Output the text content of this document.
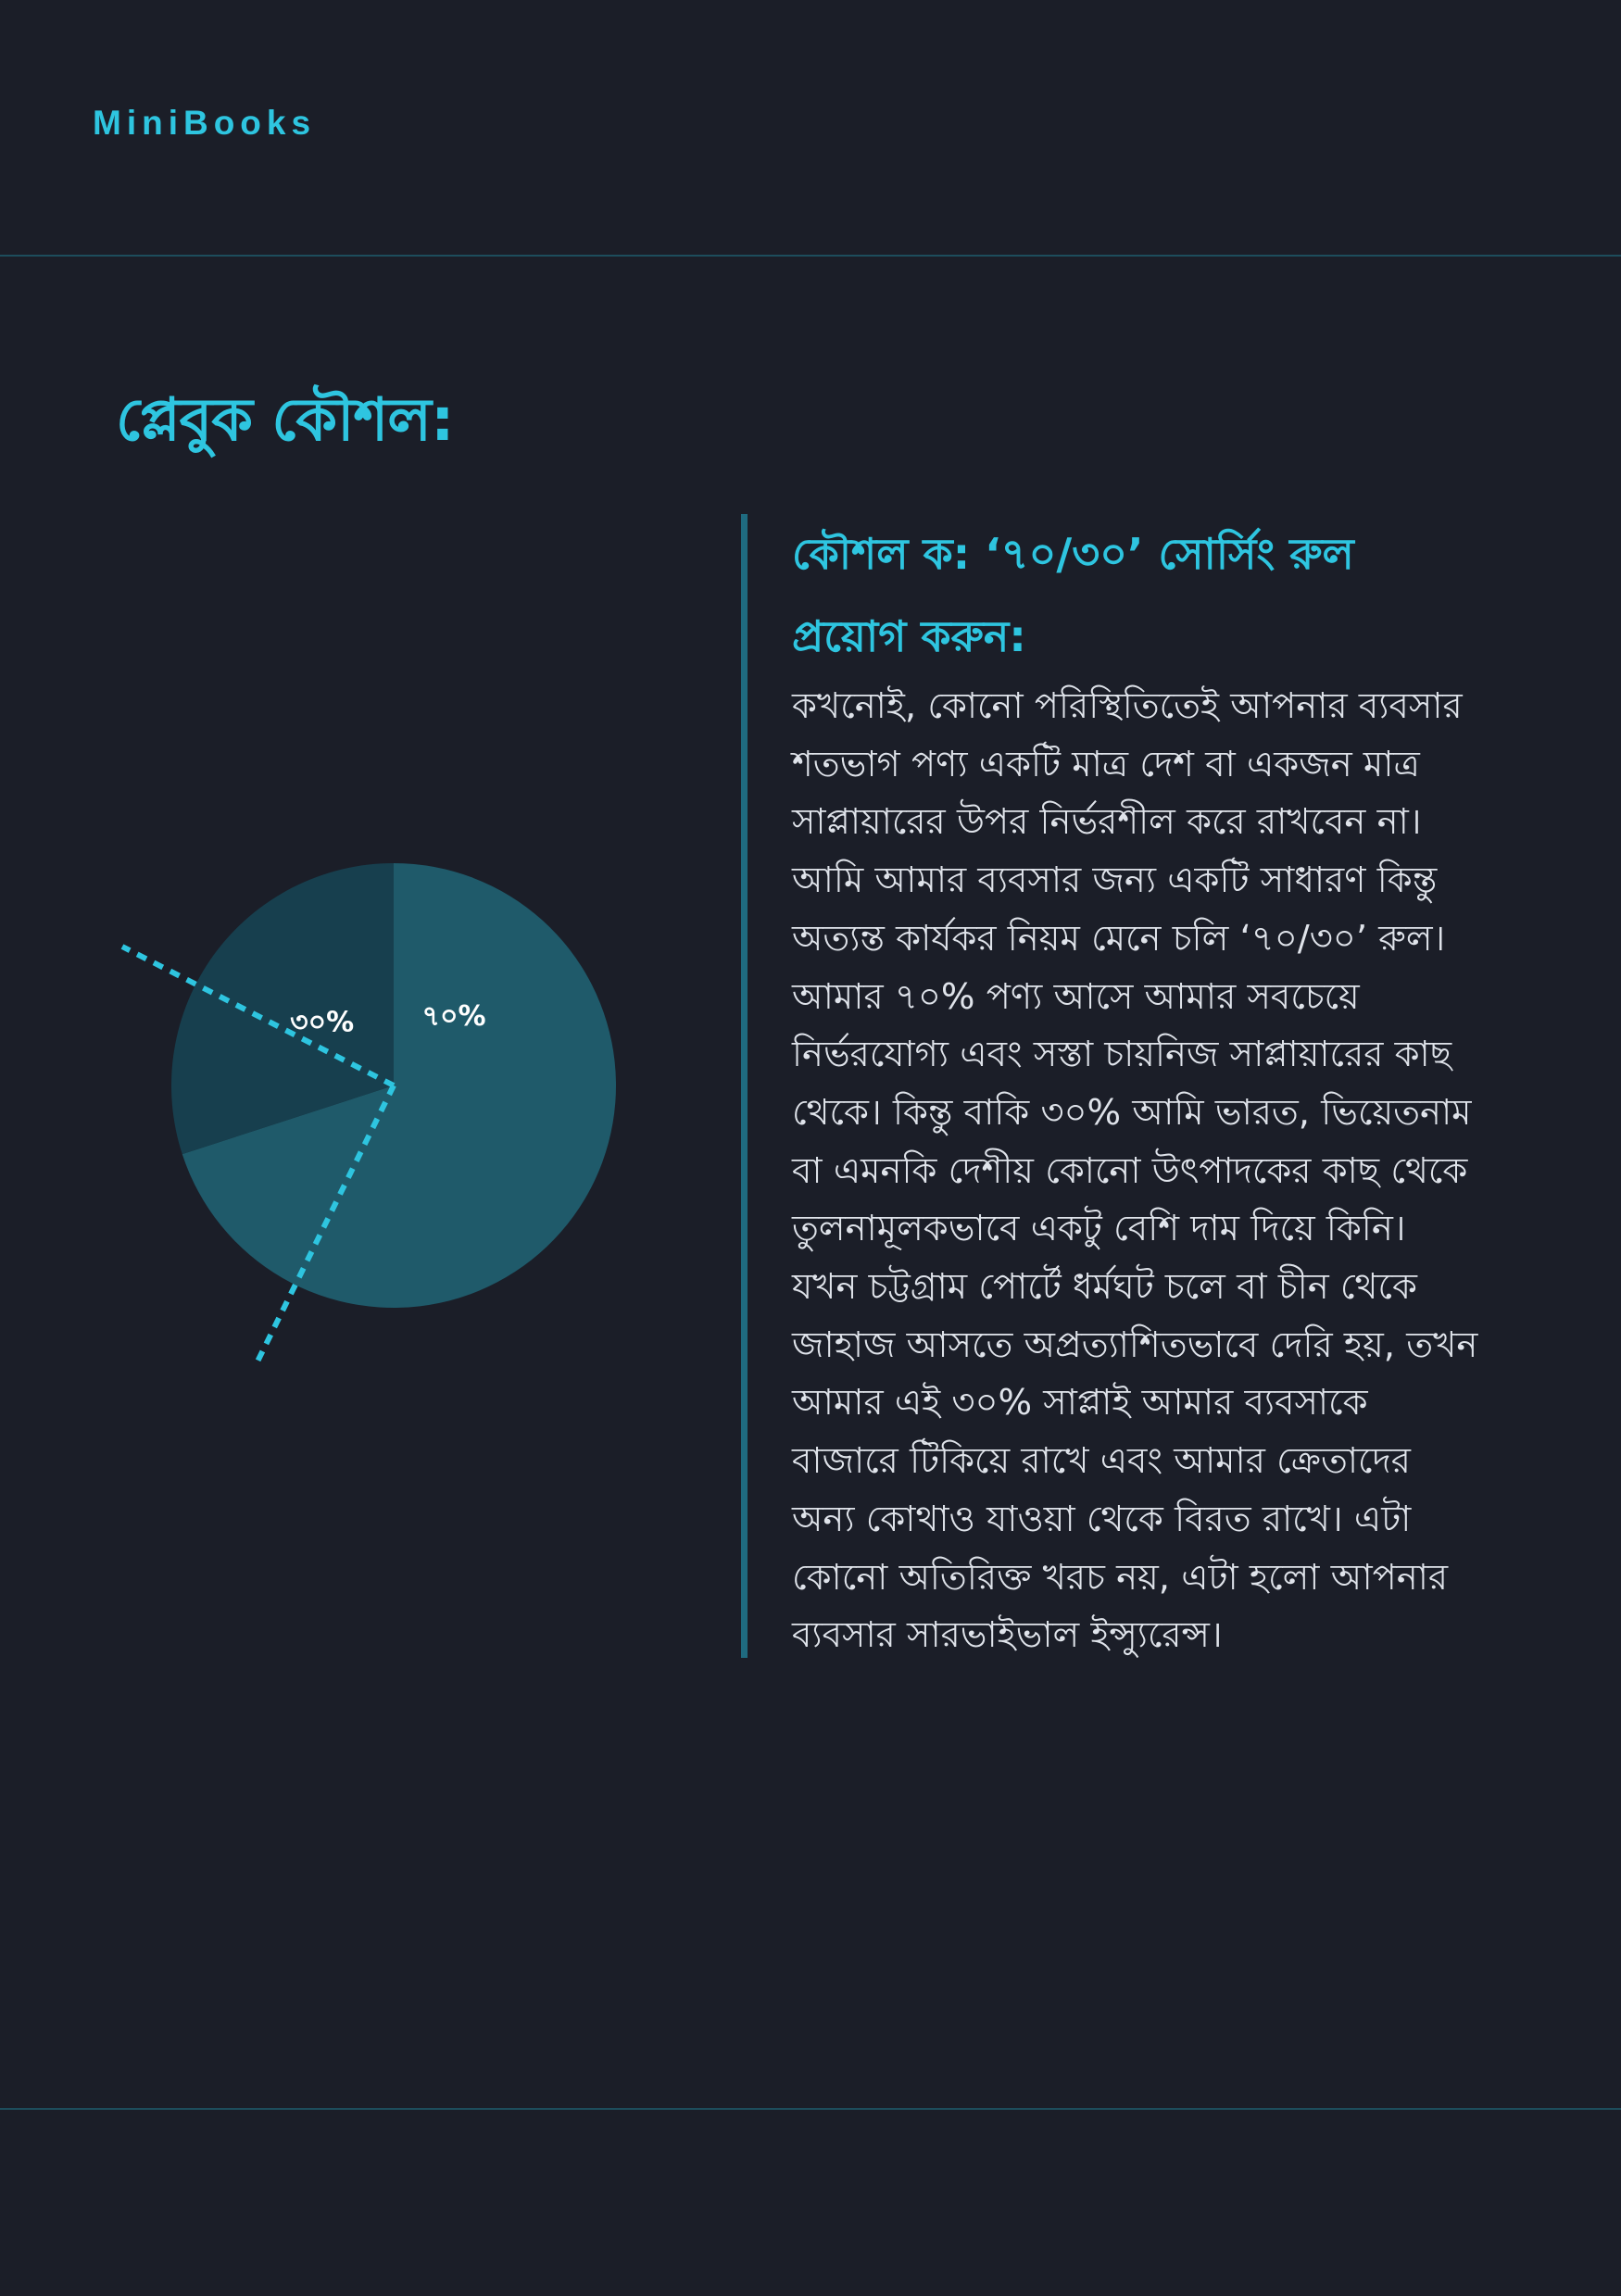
MiniBooks
প্লেবুক কৌশল:
৭০%
৩০%
কৌশল ক: ‘৭০/৩০’ সোর্সিং রুল
প্রয়োগ করুন:

কখনোই, কোনো পরিস্থিতিতেই আপনার ব্যবসার
শতভাগ পণ্য একটি মাত্র দেশ বা একজন মাত্র
সাপ্লায়ারের উপর নির্ভরশীল করে রাখবেন না।
আমি আমার ব্যবসার জন্য একটি সাধারণ কিন্তু
অত্যন্ত কার্যকর নিয়ম মেনে চলি ‘৭০/৩০’ রুল।
আমার ৭০% পণ্য আসে আমার সবচেয়ে
নির্ভরযোগ্য এবং সস্তা চায়নিজ সাপ্লায়ারের কাছ
থেকে। কিন্তু বাকি ৩০% আমি ভারত, ভিয়েতনাম
বা এমনকি দেশীয় কোনো উৎপাদকের কাছ থেকে
তুলনামূলকভাবে একটু বেশি দাম দিয়ে কিনি।
যখন চট্টগ্রাম পোর্টে ধর্মঘট চলে বা চীন থেকে
জাহাজ আসতে অপ্রত্যাশিতভাবে দেরি হয়, তখন
আমার এই ৩০% সাপ্লাই আমার ব্যবসাকে
বাজারে টিকিয়ে রাখে এবং আমার ক্রেতাদের
অন্য কোথাও যাওয়া থেকে বিরত রাখে। এটা
কোনো অতিরিক্ত খরচ নয়, এটা হলো আপনার
ব্যবসার সারভাইভাল ইন্স্যুরেন্স।
